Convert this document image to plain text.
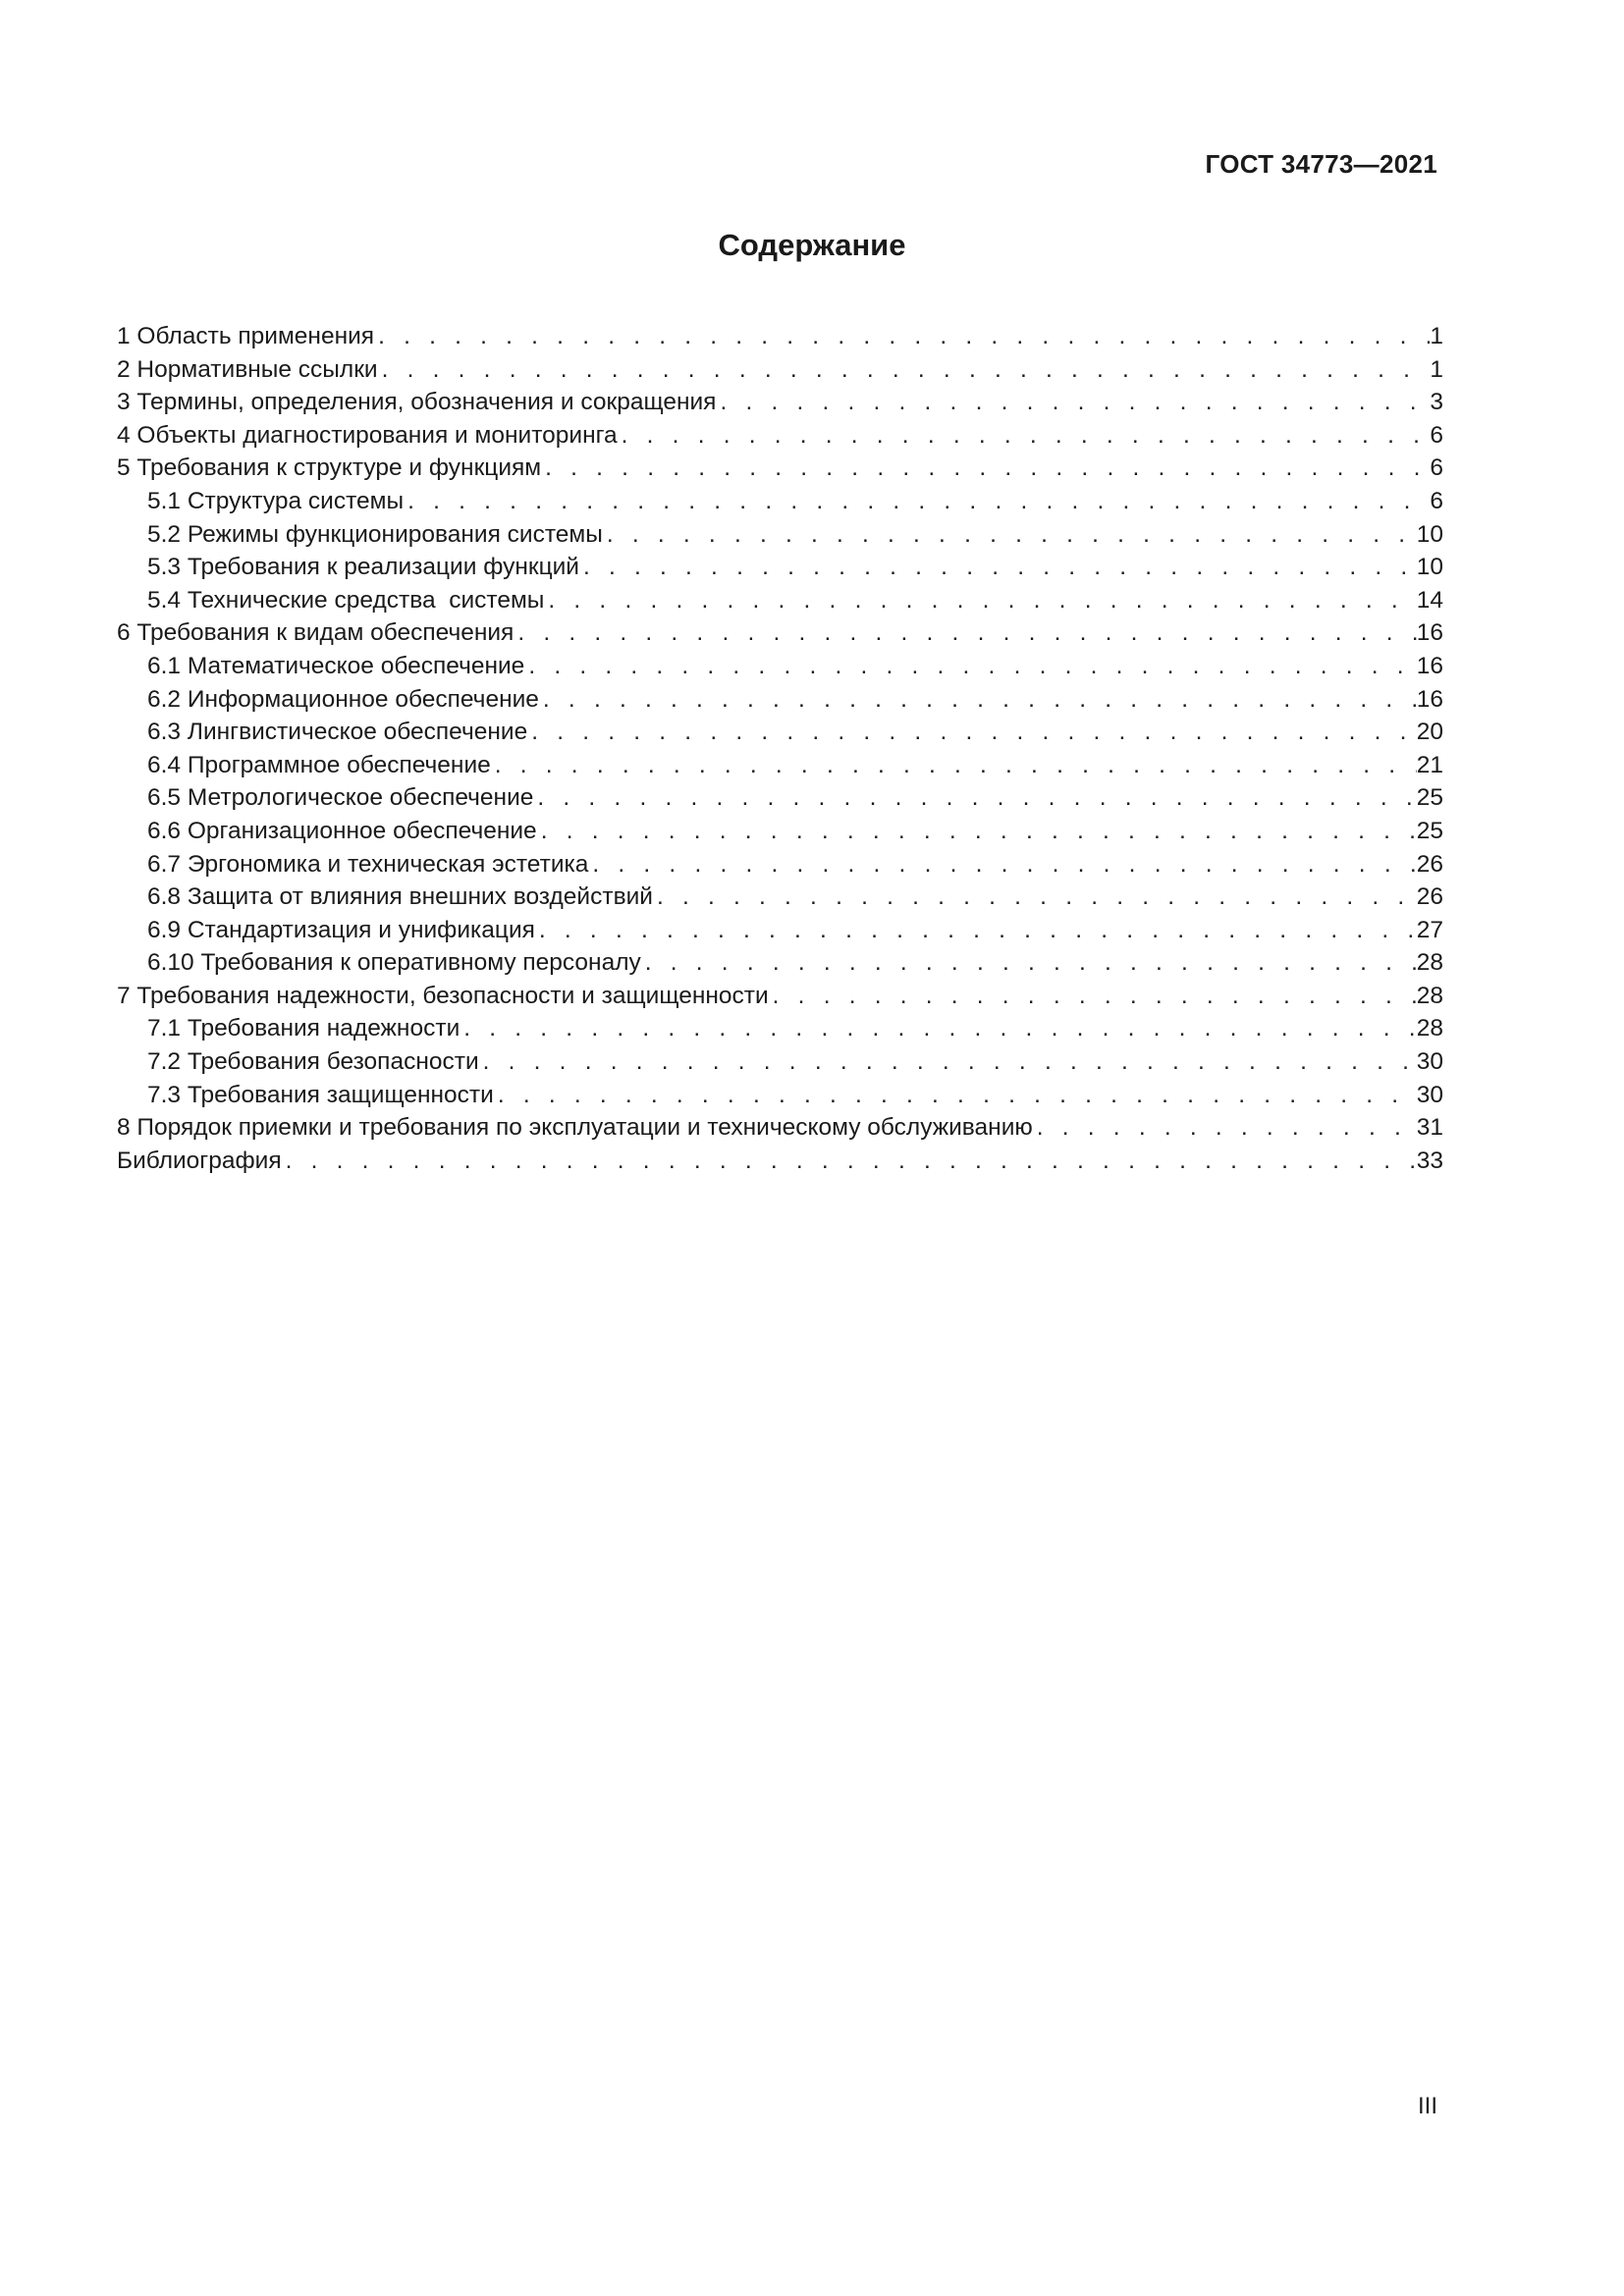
ГОСТ 34773—2021
Содержание
1 Область применения . . .	1
2 Нормативные ссылки . . .	1
3 Термины, определения, обозначения и сокращения . . .	3
4 Объекты диагностирования и мониторинга . . .	6
5 Требования к структуре и функциям . . .	6
5.1 Структура системы . . .	6
5.2 Режимы функционирования системы . . .	10
5.3 Требования к реализации функций . . .	10
5.4 Технические средства  системы . . .	14
6 Требования к видам обеспечения . . .	16
6.1 Математическое обеспечение . . .	16
6.2 Информационное обеспечение . . .	16
6.3 Лингвистическое обеспечение . . .	20
6.4 Программное обеспечение . . .	21
6.5 Метрологическое обеспечение . . .	25
6.6 Организационное обеспечение . . .	25
6.7 Эргономика и техническая эстетика . . .	26
6.8 Защита от влияния внешних воздействий . . .	26
6.9 Стандартизация и унификация . . .	27
6.10 Требования к оперативному персоналу . . .	28
7 Требования надежности, безопасности и защищенности . . .	28
7.1 Требования надежности . . .	28
7.2 Требования безопасности . . .	30
7.3 Требования защищенности . . .	30
8 Порядок приемки и требования по эксплуатации и техническому обслуживанию . . .	31
Библиография . . .	33
III
